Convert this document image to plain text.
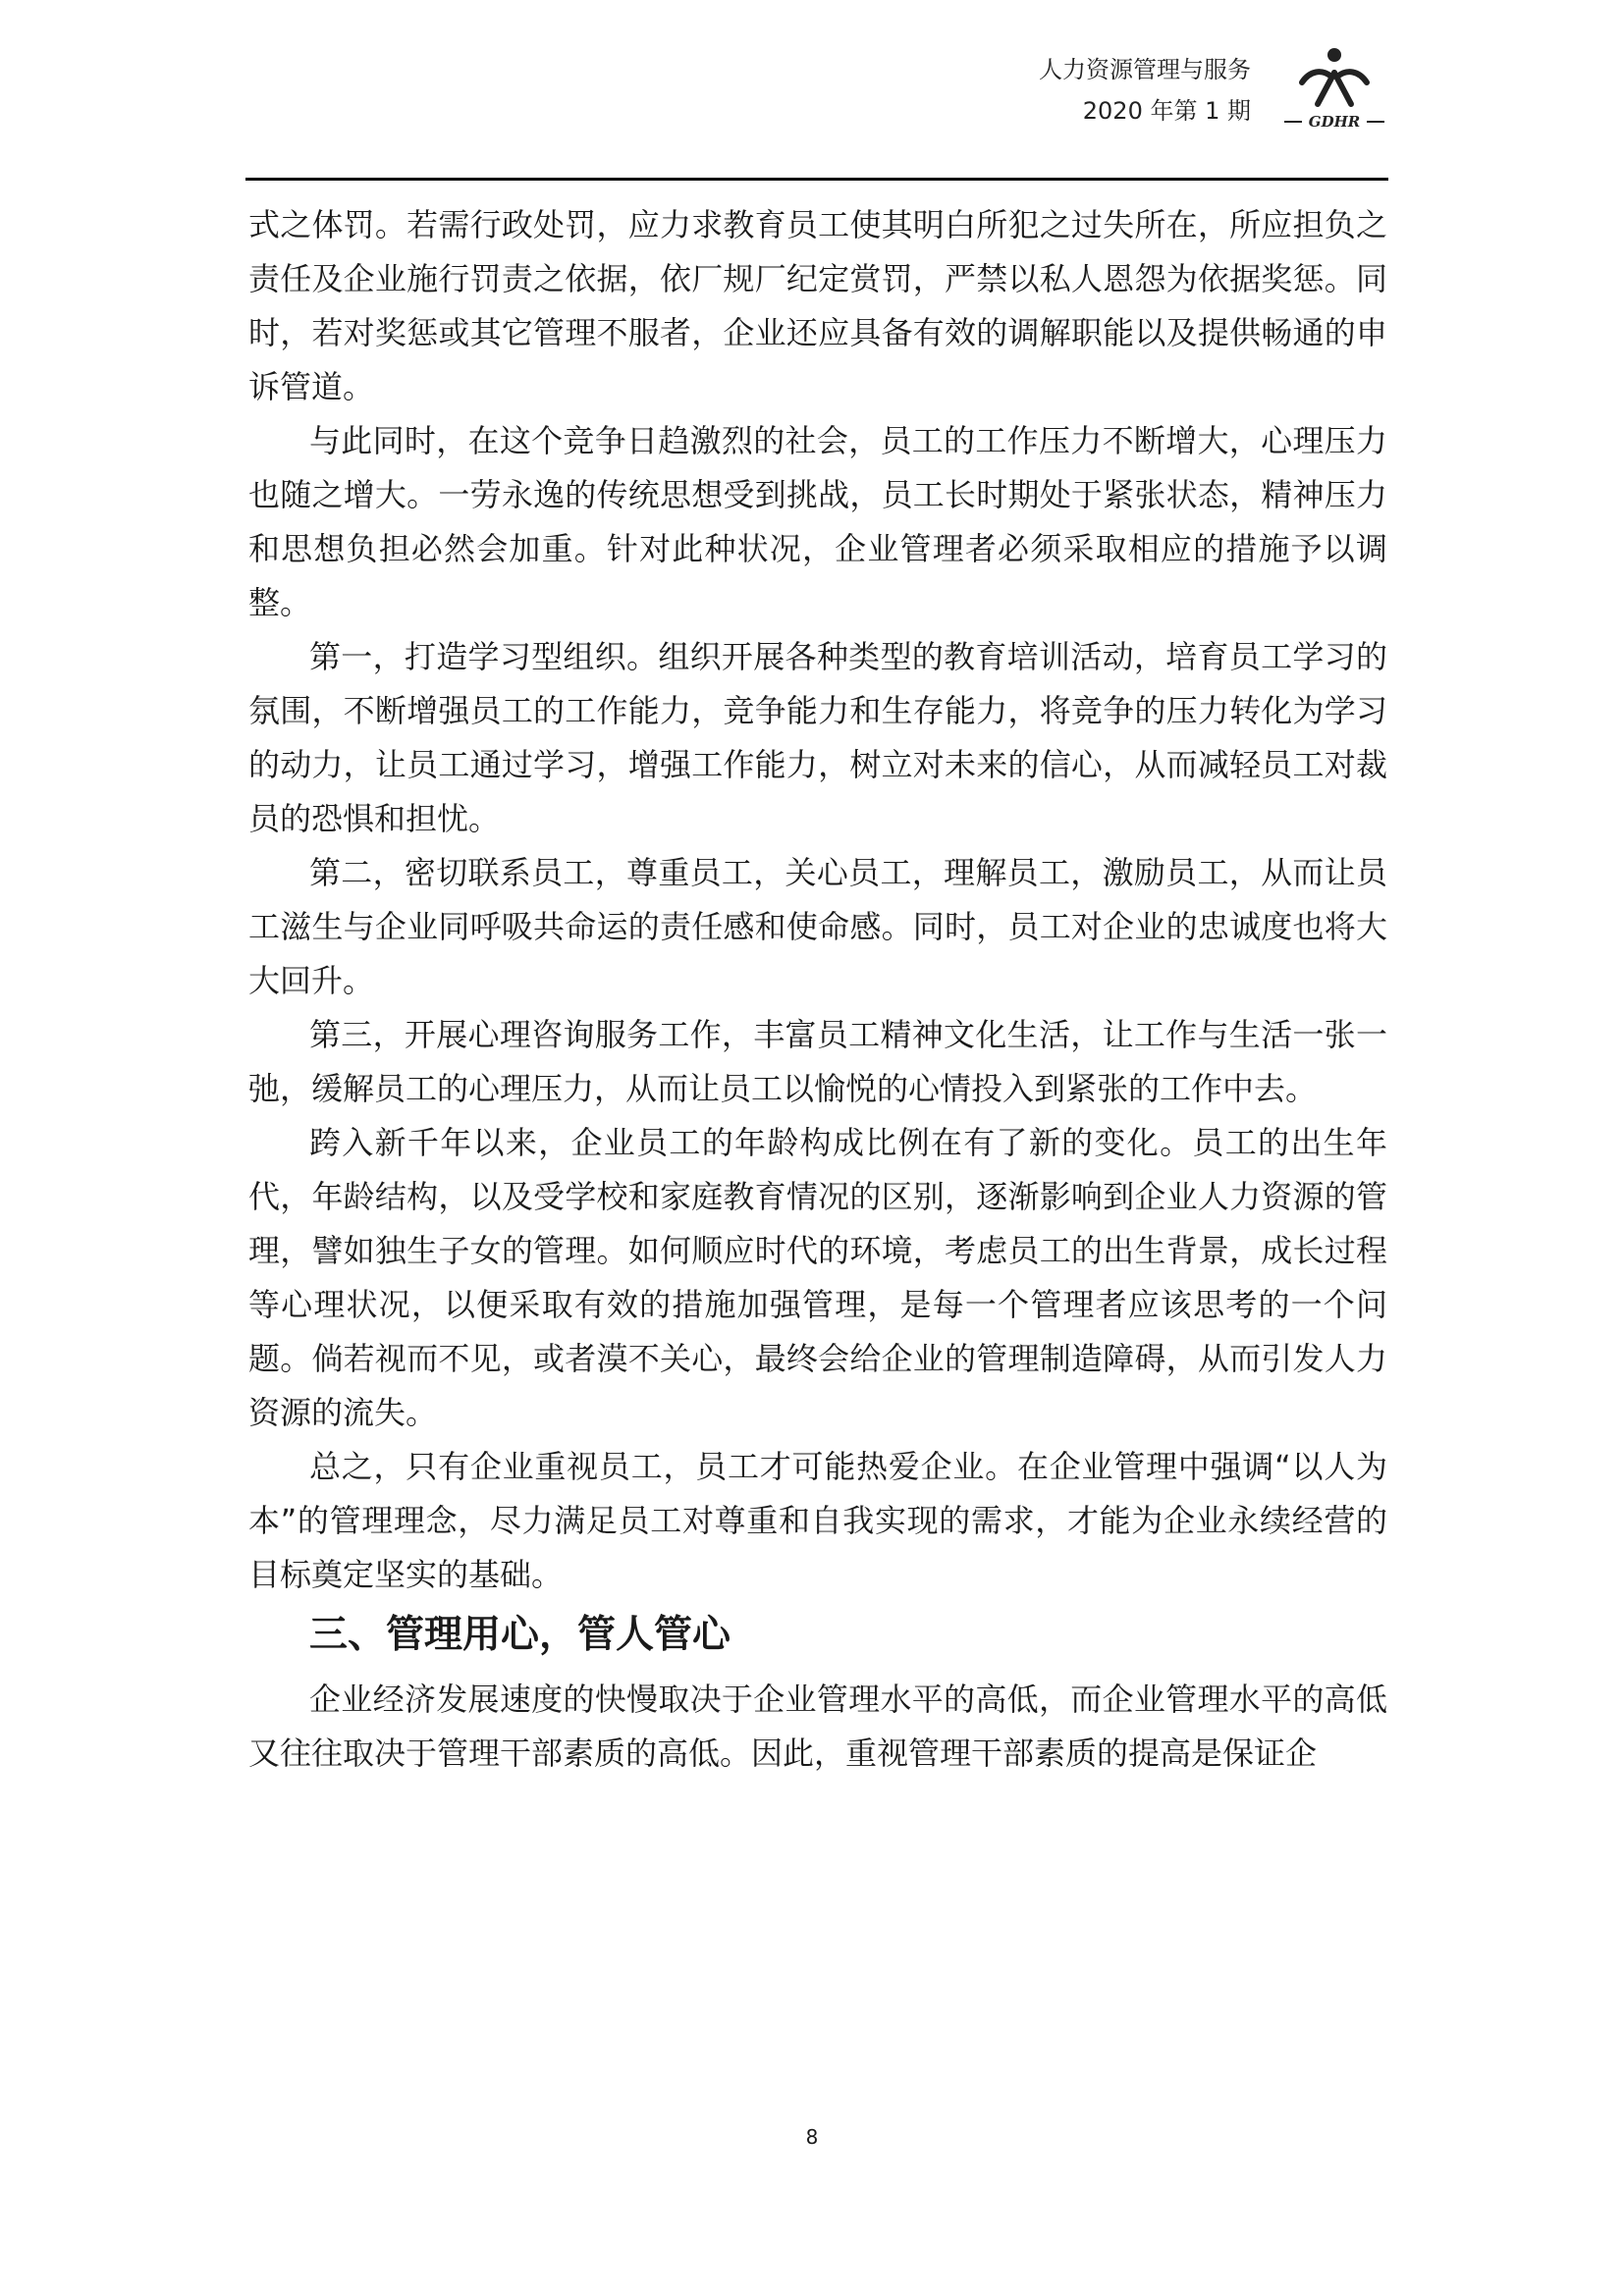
人力资源管理与服务
2020 年第 1 期	GDHR

式之体罚。若需行政处罚，应力求教育员工使其明白所犯之过失所在，所应担负之责任及企业施行罚责之依据，依厂规厂纪定赏罚，严禁以私人恩怨为依据奖惩。同时，若对奖惩或其它管理不服者，企业还应具备有效的调解职能以及提供畅通的申诉管道。

与此同时，在这个竞争日趋激烈的社会，员工的工作压力不断增大，心理压力也随之增大。一劳永逸的传统思想受到挑战，员工长时期处于紧张状态，精神压力和思想负担必然会加重。针对此种状况，企业管理者必须采取相应的措施予以调整。

第一，打造学习型组织。组织开展各种类型的教育培训活动，培育员工学习的氛围，不断增强员工的工作能力，竞争能力和生存能力，将竞争的压力转化为学习的动力，让员工通过学习，增强工作能力，树立对未来的信心，从而减轻员工对裁员的恐惧和担忧。

第二，密切联系员工，尊重员工，关心员工，理解员工，激励员工，从而让员工滋生与企业同呼吸共命运的责任感和使命感。同时，员工对企业的忠诚度也将大大回升。

第三，开展心理咨询服务工作，丰富员工精神文化生活，让工作与生活一张一弛，缓解员工的心理压力，从而让员工以愉悦的心情投入到紧张的工作中去。

跨入新千年以来，企业员工的年龄构成比例在有了新的变化。员工的出生年代，年龄结构，以及受学校和家庭教育情况的区别，逐渐影响到企业人力资源的管理，譬如独生子女的管理。如何顺应时代的环境，考虑员工的出生背景，成长过程等心理状况，以便采取有效的措施加强管理，是每一个管理者应该思考的一个问题。倘若视而不见，或者漠不关心，最终会给企业的管理制造障碍，从而引发人力资源的流失。

总之，只有企业重视员工，员工才可能热爱企业。在企业管理中强调“以人为本”的管理理念，尽力满足员工对尊重和自我实现的需求，才能为企业永续经营的目标奠定坚实的基础。

三、管理用心，管人管心

企业经济发展速度的快慢取决于企业管理水平的高低，而企业管理水平的高低又往往取决于管理干部素质的高低。因此，重视管理干部素质的提高是保证企

8
